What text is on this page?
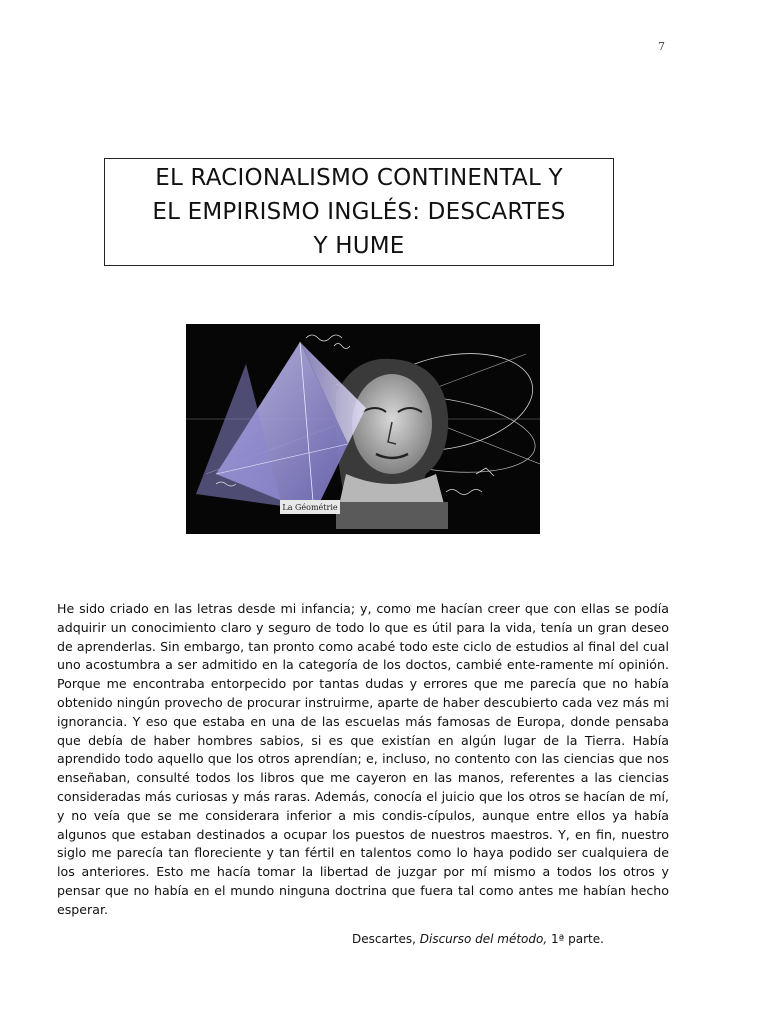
7
EL RACIONALISMO CONTINENTAL Y
EL EMPIRISMO INGLÉS: DESCARTES
Y HUME
La Géométrie

He sido criado en las letras desde mi infancia; y, como me hacían creer que con ellas se podía adquirir un conocimiento claro y seguro de todo lo que es útil para la vida, tenía un gran deseo de aprenderlas. Sin embargo, tan pronto como acabé todo este ciclo de estudios al final del cual uno acostumbra a ser admitido en la categoría de los doctos, cambié ente-ramente mí opinión. Porque me encontraba entorpecido por tantas dudas y errores que me parecía que no había obtenido ningún provecho de procurar instruirme, aparte de haber descubierto cada vez más mi ignorancia. Y eso que estaba en una de las escuelas más famosas de Europa, donde pensaba que debía de haber hombres sabios, si es que existían en algún lugar de la Tierra. Había aprendido todo aquello que los otros aprendían; e, incluso, no contento con las ciencias que nos enseñaban, consulté todos los libros que me cayeron en las manos, referentes a las ciencias consideradas más curiosas y más raras. Además, conocía el juicio que los otros se hacían de mí, y no veía que se me considerara inferior a mis condis-cípulos, aunque entre ellos ya había algunos que estaban destinados a ocupar los puestos de nuestros maestros. Y, en fin, nuestro siglo me parecía tan floreciente y tan fértil en talentos como lo haya podido ser cualquiera de los anteriores. Esto me hacía tomar la libertad de juzgar por mí mismo a todos los otros y pensar que no había en el mundo ninguna doctrina que fuera tal como antes me habían hecho esperar.

Descartes, Discurso del método, 1ª parte.
